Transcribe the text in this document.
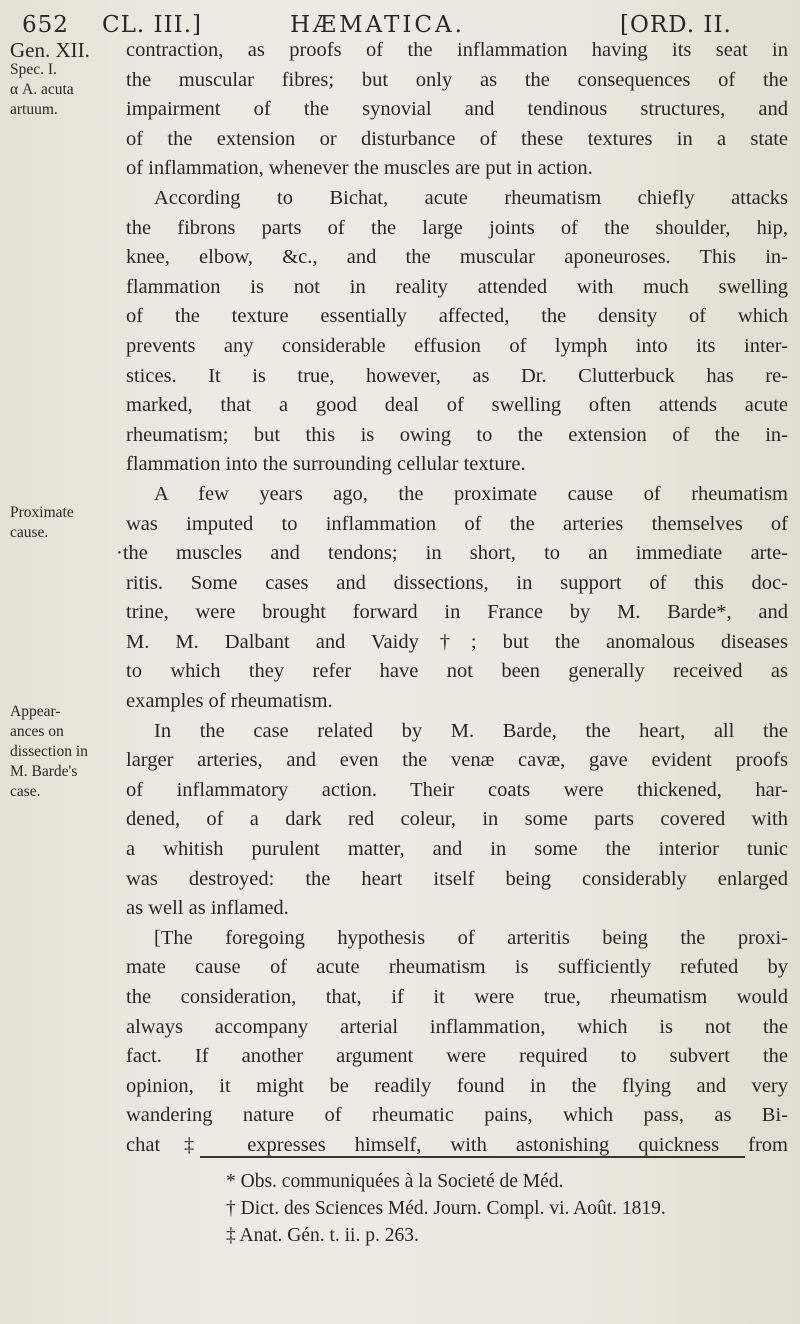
652 CL. III.]	HÆMATICA.	[ORD. II.
Gen. XII.
Spec. I.
α A. acuta
artuum.
Proximate
cause.
Appear-
ances on
dissection in
M. Barde's
case.
contraction, as proofs of the inflammation having its seat in
the muscular fibres; but only as the consequences of the
impairment of the synovial and tendinous structures, and
of the extension or disturbance of these textures in a state
of inflammation, whenever the muscles are put in action.
According to Bichat, acute rheumatism chiefly attacks
the fibrons parts of the large joints of the shoulder, hip,
knee, elbow, &c., and the muscular aponeuroses. This in-
flammation is not in reality attended with much swelling
of the texture essentially affected, the density of which
prevents any considerable effusion of lymph into its inter-
stices. It is true, however, as Dr. Clutterbuck has re-
marked, that a good deal of swelling often attends acute
rheumatism; but this is owing to the extension of the in-
flammation into the surrounding cellular texture.
A few years ago, the proximate cause of rheumatism
was imputed to inflammation of the arteries themselves of
·the muscles and tendons; in short, to an immediate arte-
ritis. Some cases and dissections, in support of this doc-
trine, were brought forward in France by M. Barde*, and
M. M. Dalbant and Vaidy†; but the anomalous diseases
to which they refer have not been generally received as
examples of rheumatism.
In the case related by M. Barde, the heart, all the
larger arteries, and even the venæ cavæ, gave evident proofs
of inflammatory action. Their coats were thickened, har-
dened, of a dark red coleur, in some parts covered with
a whitish purulent matter, and in some the interior tunic
was destroyed: the heart itself being considerably enlarged
as well as inflamed.
[The foregoing hypothesis of arteritis being the proxi-
mate cause of acute rheumatism is sufficiently refuted by
the consideration, that, if it were true, rheumatism would
always accompany arterial inflammation, which is not the
fact. If another argument were required to subvert the
opinion, it might be readily found in the flying and very
wandering nature of rheumatic pains, which pass, as Bi-
chat‡ expresses himself, with astonishing quickness from
* Obs. communiquées à la Societé de Méd.
† Dict. des Sciences Méd. Journ. Compl. vi. Août. 1819.
‡ Anat. Gén. t. ii. p. 263.
